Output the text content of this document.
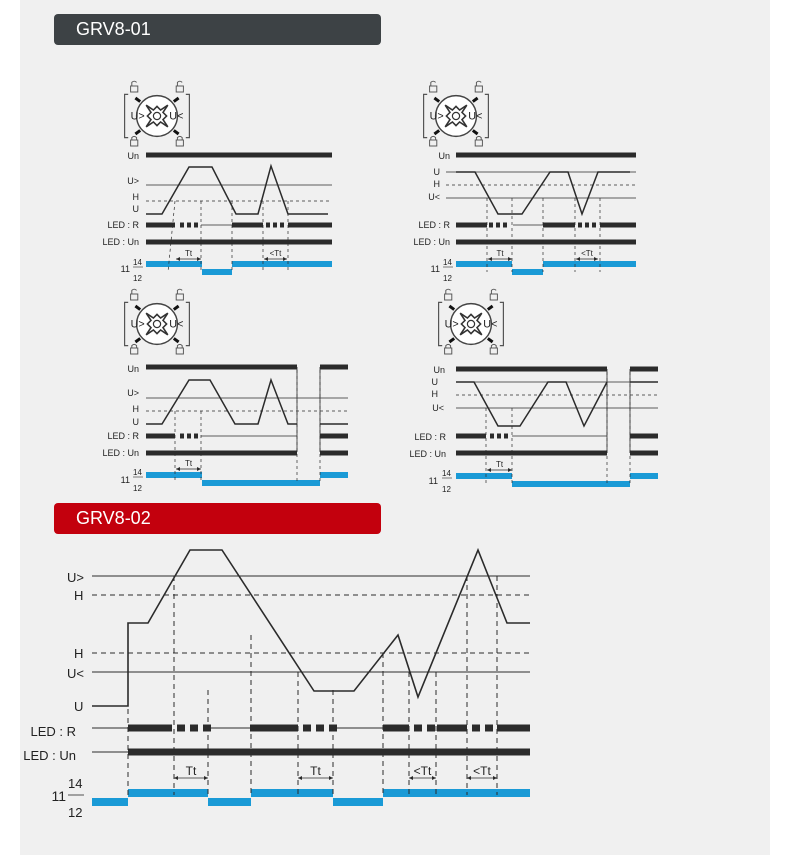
GRV8-01
GRV8-02
U> U<
Un
U>
H
U
LED : R
LED : Un
11
14
12
Tt	<Tt
U> U<
Un
U
H
U<
LED : R
LED : Un
11
14
12
Tt	<Tt
U> U<
Un
U>
H
U
LED : R
LED : Un
11
14
12
Tt
U> U<
Un
U
H
U<
LED : R
LED : Un
11
14
12
Tt
U>
H
H
U<
U
LED : R
LED : Un
11
14
12
Tt	Tt	<Tt	<Tt
